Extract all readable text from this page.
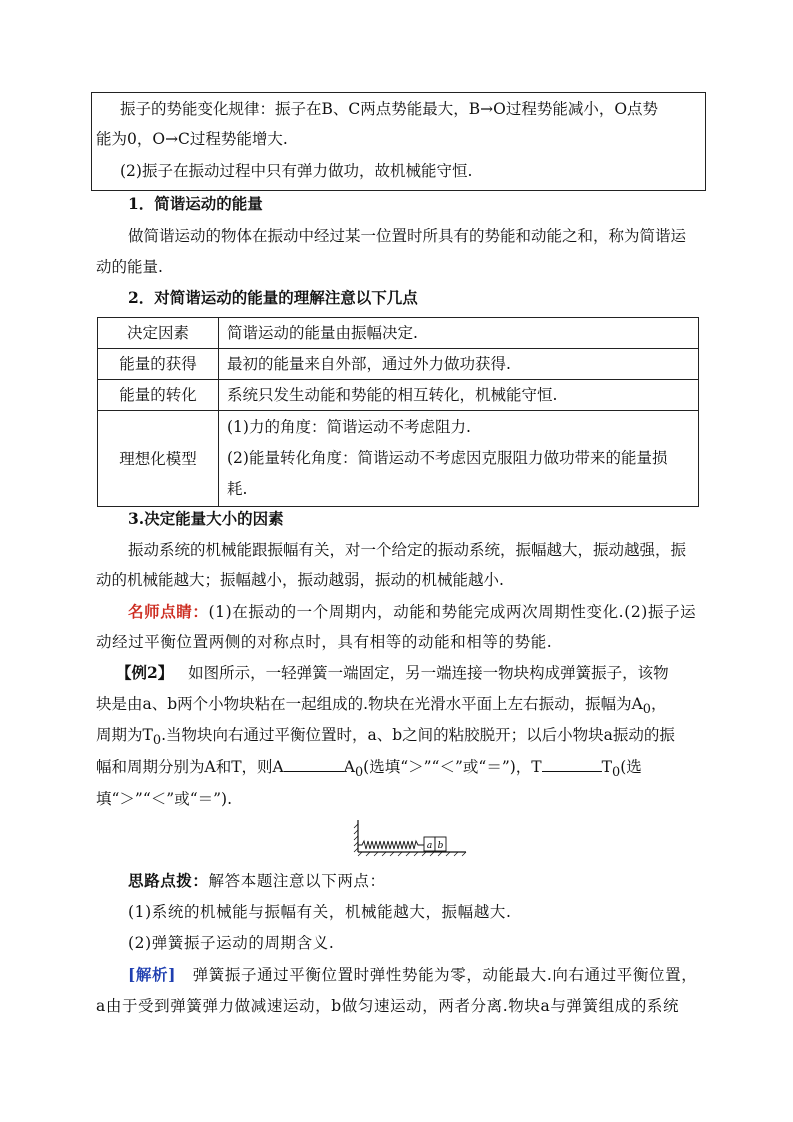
振子的势能变化规律：振子在B、C两点势能最大，B→O过程势能减小，O点势
能为0，O→C过程势能增大.
(2)振子在振动过程中只有弹力做功，故机械能守恒.
1．简谐运动的能量
做简谐运动的物体在振动中经过某一位置时所具有的势能和动能之和，称为简谐运
动的能量.
2．对简谐运动的能量的理解注意以下几点
决定因素	简谐运动的能量由振幅决定.
能量的获得	最初的能量来自外部，通过外力做功获得.
能量的转化	系统只发生动能和势能的相互转化，机械能守恒.
理想化模型	(1)力的角度：简谐运动不考虑阻力.
(2)能量转化角度：简谐运动不考虑因克服阻力做功带来的能量损
耗.
3.决定能量大小的因素
振动系统的机械能跟振幅有关，对一个给定的振动系统，振幅越大，振动越强，振
动的机械能越大；振幅越小，振动越弱，振动的机械能越小.
名师点睛：(1)在振动的一个周期内，动能和势能完成两次周期性变化.(2)振子运
动经过平衡位置两侧的对称点时，具有相等的动能和相等的势能.
【例2】 如图所示，一轻弹簧一端固定，另一端连接一物块构成弹簧振子，该物
块是由a、b两个小物块粘在一起组成的.物块在光滑水平面上左右振动，振幅为$A_0$，
周期为$T_0$.当物块向右通过平衡位置时，a、b之间的粘胶脱开；以后小物块a振动的振
幅和周期分别为A和T，则A	$A_0$(选填“＞”“＜”或“＝”)，T	$T_0$(选
填“＞”“＜”或“＝”).
a b
思路点拨：解答本题注意以下两点：
(1)系统的机械能与振幅有关，机械能越大，振幅越大.
(2)弹簧振子运动的周期含义.
[解析] 弹簧振子通过平衡位置时弹性势能为零，动能最大.向右通过平衡位置，
a由于受到弹簧弹力做减速运动，b做匀速运动，两者分离.物块a与弹簧组成的系统
